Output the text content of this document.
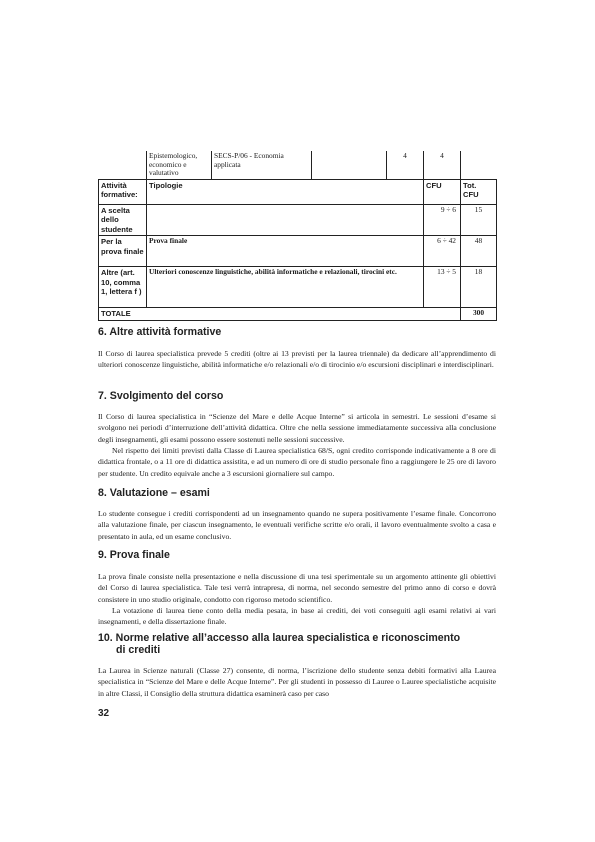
	Epistemologico, economico e valutativo	SECS-P/06 - Economia applicata		4	4	
Attività formative:	Tipologie				CFU	Tot. CFU
A scelta dello studente					9 ÷ 6	15
Per la prova finale	Prova finale				6 ÷ 42	48
Altre (art. 10, comma 1, lettera f )	Ulteriori conoscenze linguistiche, abilità informatiche e relazionali, tirocini etc.				13 ÷ 5	18
TOTALE						300
6. Altre attività formative

Il Corso di laurea specialistica prevede 5 crediti (oltre ai 13 previsti per la laurea triennale) da dedicare all’apprendimento di ulteriori conoscenze linguistiche, abilità informatiche e/o relazionali e/o di tirocinio e/o escursioni disciplinari e interdisciplinari.

7. Svolgimento del corso

Il Corso di laurea specialistica in “Scienze del Mare e delle Acque Interne” si articola in semestri. Le sessioni d’esame si svolgono nei periodi d’interruzione dell’attività didattica. Oltre che nella sessione immediatamente successiva alla conclusione degli insegnamenti, gli esami possono essere sostenuti nelle sessioni successive.

Nel rispetto dei limiti previsti dalla Classe di Laurea specialistica 68/S, ogni credito corrisponde indicativamente a 8 ore di didattica frontale, o a 11 ore di didattica assistita, e ad un numero di ore di studio personale fino a raggiungere le 25 ore di lavoro per studente. Un credito equivale anche a 3 escursioni giornaliere sul campo.

8. Valutazione – esami

Lo studente consegue i crediti corrispondenti ad un insegnamento quando ne supera positivamente l’esame finale. Concorrono alla valutazione finale, per ciascun insegnamento, le eventuali verifiche scritte e/o orali, il lavoro eventualmente svolto a casa e presentato in aula, ed un esame conclusivo.

9. Prova finale

La prova finale consiste nella presentazione e nella discussione di una tesi sperimentale su un argomento attinente gli obiettivi del Corso di laurea specialistica. Tale tesi verrà intrapresa, di norma, nel secondo semestre del primo anno di corso e dovrà consistere in uno studio originale, condotto con rigoroso metodo scientifico.

La votazione di laurea tiene conto della media pesata, in base ai crediti, dei voti conseguiti agli esami relativi ai vari insegnamenti, e della dissertazione finale.

10. Norme relative all’accesso alla laurea specialistica e riconoscimento
di crediti

La Laurea in Scienze naturali (Classe 27) consente, di norma, l’iscrizione dello studente senza debiti formativi alla Laurea specialistica in “Scienze del Mare e delle Acque Interne”. Per gli studenti in possesso di Lauree o Lauree specialistiche acquisite in altre Classi, il Consiglio della struttura didattica esaminerà caso per caso

32
